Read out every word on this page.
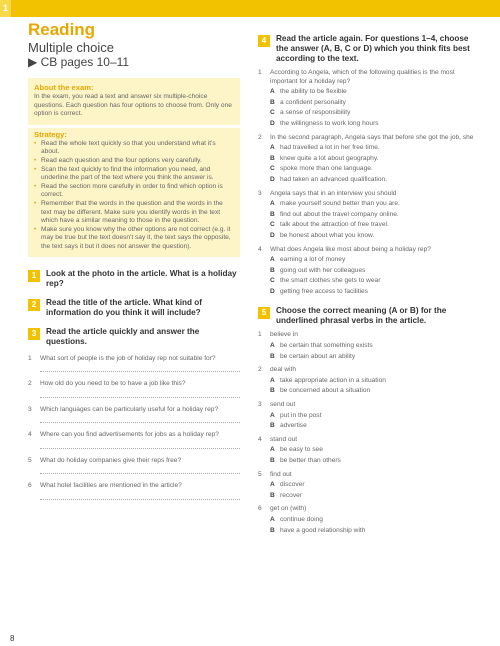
1
Reading
Multiple choice
▶ CB pages 10–11
About the exam:
In the exam, you read a text and answer six multiple-choice questions. Each question has four options to choose from. Only one option is correct.
Strategy:
• Read the whole text quickly so that you understand what it's about.
• Read each question and the four options very carefully.
• Scan the text quickly to find the information you need, and underline the part of the text where you think the answer is.
• Read the section more carefully in order to find which option is correct.
• Remember that the words in the question and the words in the text may be different. Make sure you identify words in the text which have a similar meaning to those in the question.
• Make sure you know why the other options are not correct (e.g. it may be true but the text doesn't say it, the text says the opposite, the text says it but it does not answer the question).
1	Look at the photo in the article. What is a holiday rep?
2	Read the title of the article. What kind of information do you think it will include?
3	Read the article quickly and answer the questions.
1	What sort of people is the job of holiday rep not suitable for?
2	How old do you need to be to have a job like this?
3	Which languages can be particularly useful for a holiday rep?
4	Where can you find advertisements for jobs as a holiday rep?
5	What do holiday companies give their reps free?
6	What hotel facilities are mentioned in the article?
4	Read the article again. For questions 1–4, choose the answer (A, B, C or D) which you think fits best according to the text.
1	According to Angela, which of the following qualities is the most important for a holiday rep?
A the ability to be flexible
B a confident personality
C a sense of responsibility
D the willingness to work long hours
2	In the second paragraph, Angela says that before she got the job, she
A had travelled a lot in her free time.
B knew quite a lot about geography.
C spoke more than one language.
D had taken an advanced qualification.
3	Angela says that in an interview you should
A make yourself sound better than you are.
B find out about the travel company online.
C talk about the attraction of free travel.
D be honest about what you know.
4	What does Angela like most about being a holiday rep?
A earning a lot of money
B going out with her colleagues
C the smart clothes she gets to wear
D getting free access to facilities
5	Choose the correct meaning (A or B) for the underlined phrasal verbs in the article.
1	believe in
A be certain that something exists
B be certain about an ability
2	deal with
A take appropriate action in a situation
B be concerned about a situation
3	send out
A put in the post
B advertise
4	stand out
A be easy to see
B be better than others
5	find out
A discover
B recover
6	get on (with)
A continue doing
B have a good relationship with
8
